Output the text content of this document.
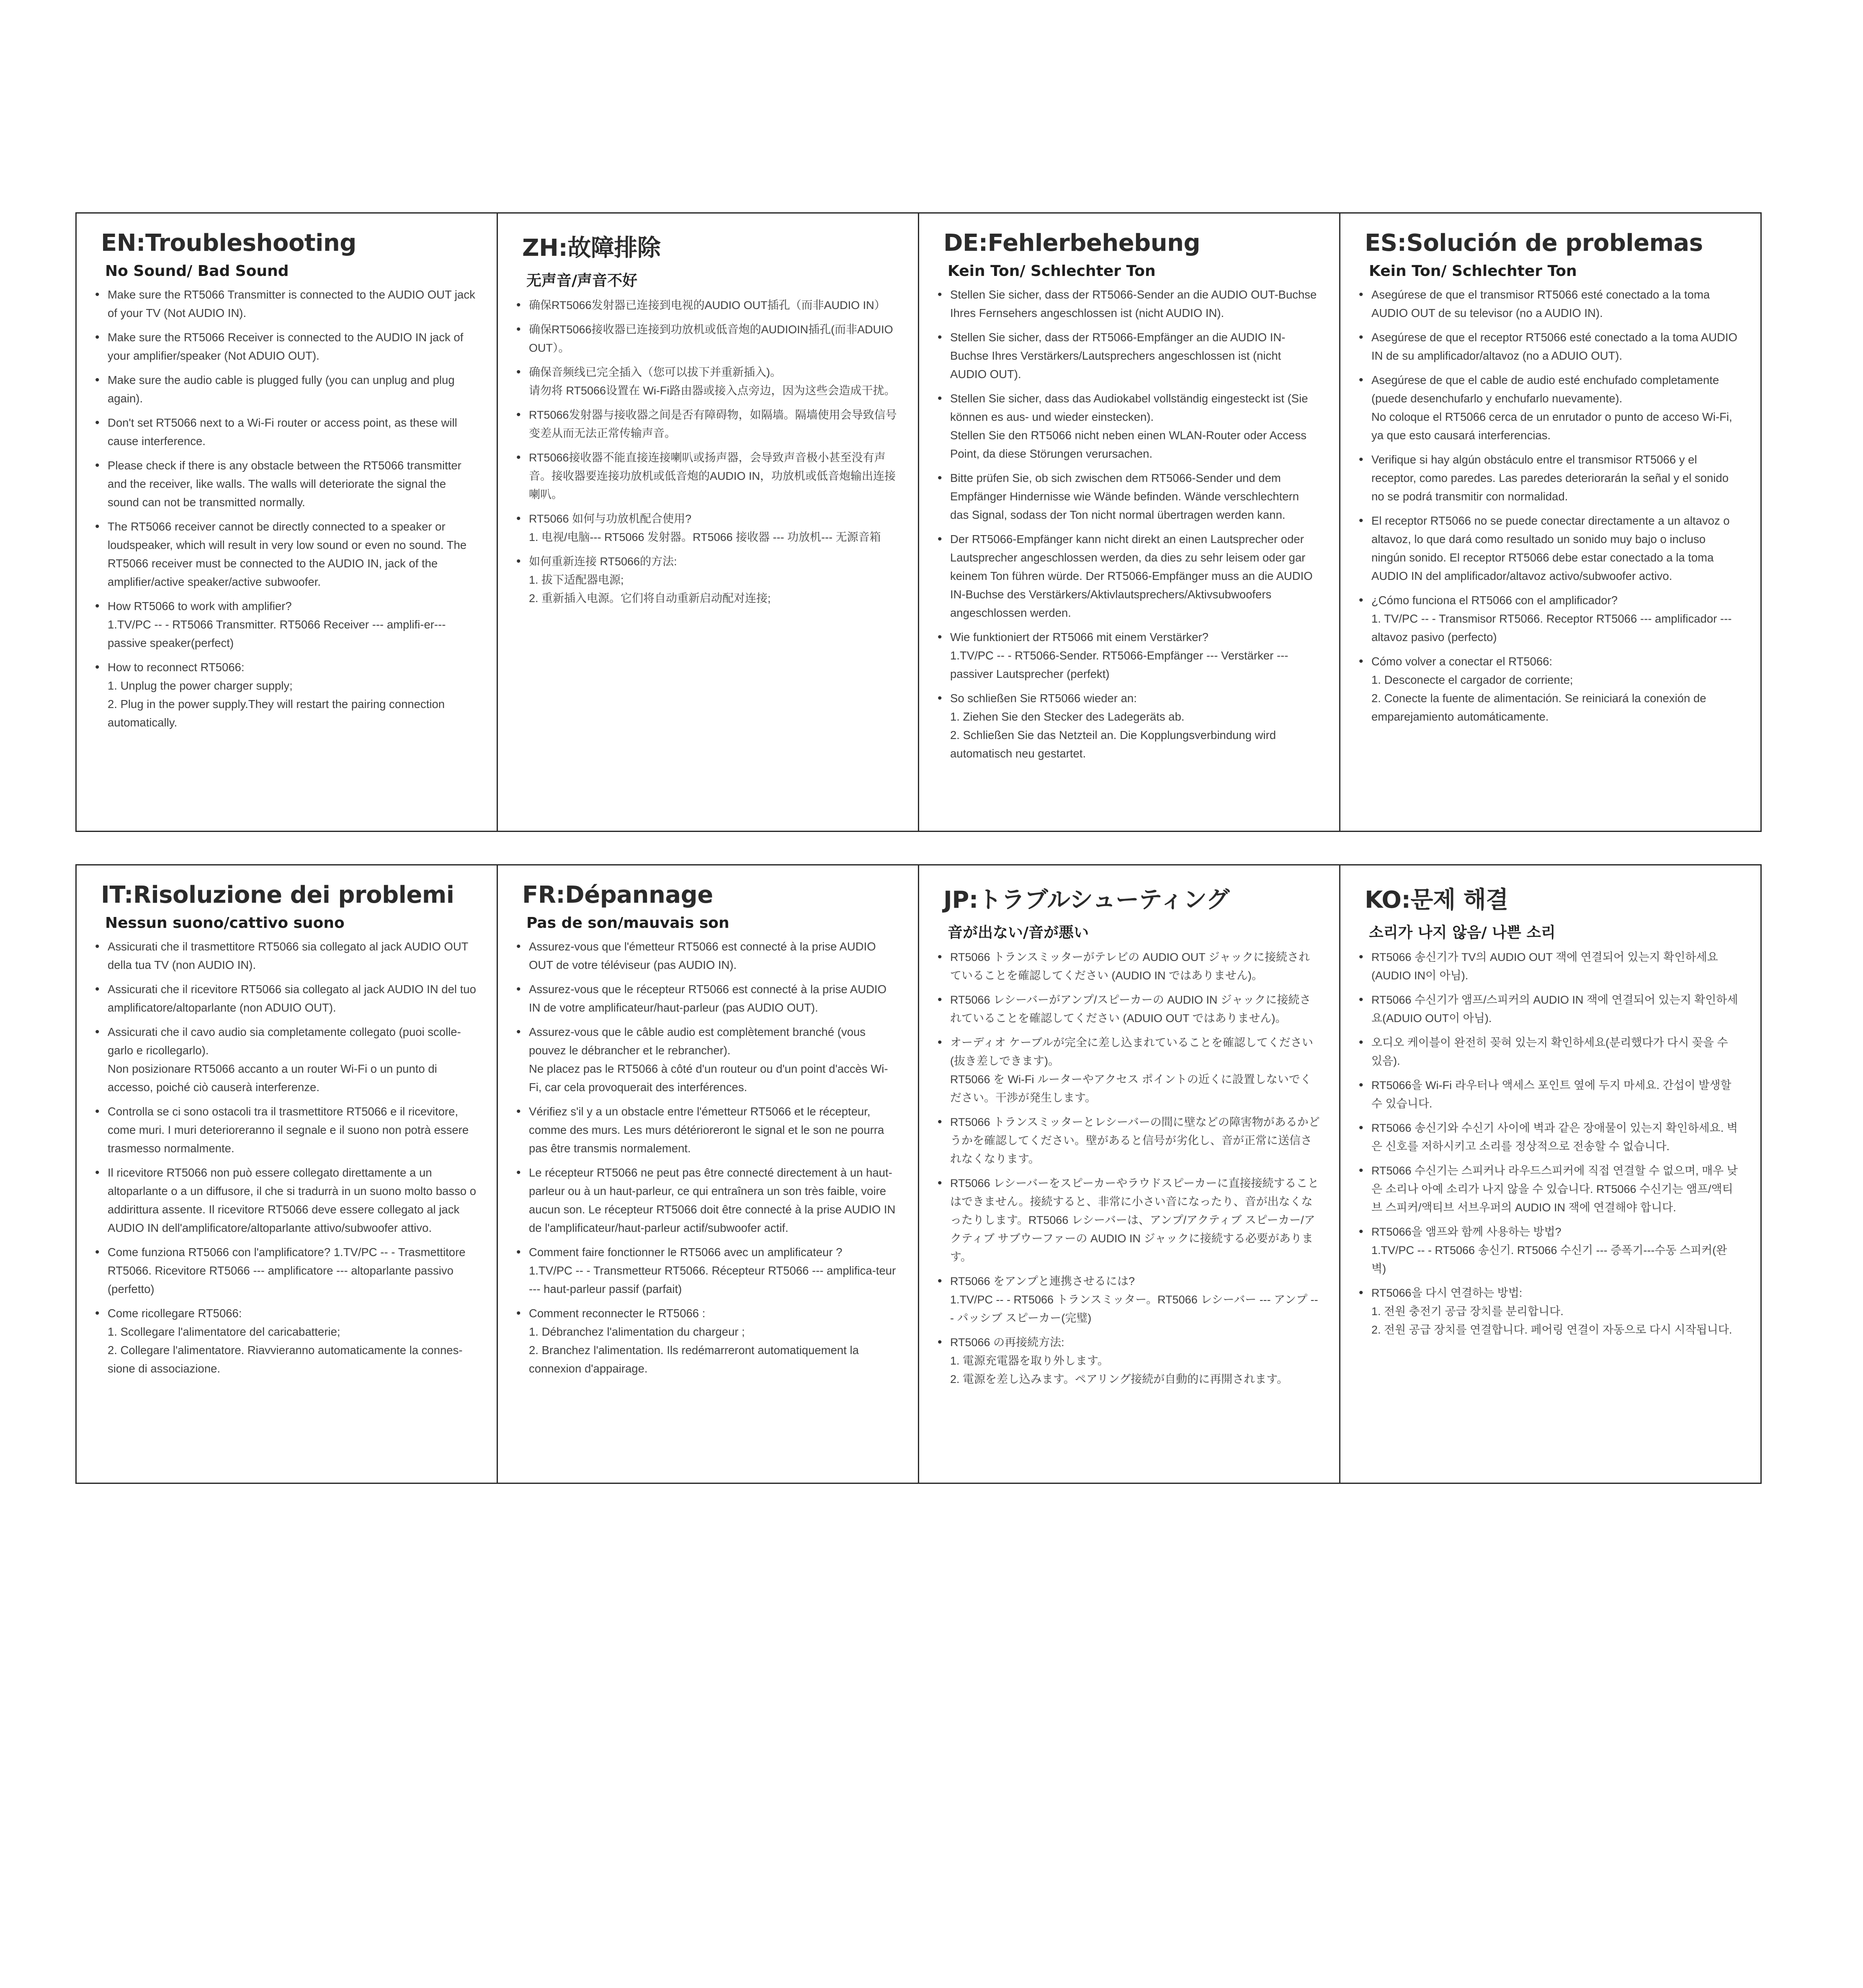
EN:Troubleshooting
No Sound/ Bad Sound
• Make sure the RT5066 Transmitter is connected to the AUDIO OUT jack of your TV (Not AUDIO IN).
• Make sure the RT5066 Receiver is connected to the AUDIO IN jack of your amplifier/speaker (Not ADUIO OUT).
• Make sure the audio cable is plugged fully (you can unplug and plug again).
• Don't set RT5066 next to a Wi-Fi router or access point, as these will cause interference.
• Please check if there is any obstacle between the RT5066 transmitter and the receiver, like walls. The walls will deteriorate the signal the sound can not be transmitted normally.
• The RT5066 receiver cannot be directly connected to a speaker or loudspeaker, which will result in very low sound or even no sound. The RT5066 receiver must be connected to the AUDIO IN, jack of the amplifier/active speaker/active subwoofer.
• How RT5066 to work with amplifier?
1.TV/PC -- - RT5066 Transmitter. RT5066 Receiver --- amplifi-er---passive speaker(perfect)
• How to reconnect RT5066:
1. Unplug the power charger supply;
2. Plug in the power supply.They will restart the pairing connection automatically.
ZH:故障排除
无声音/声音不好
• 确保RT5066发射器已连接到电视的AUDIO OUT插孔（而非AUDIO IN）
• 确保RT5066接收器已连接到功放机或低音炮的AUDIOIN插孔(而非ADUIO OUT）。
• 确保音频线已完全插入（您可以拔下并重新插入)。
请勿将 RT5066设置在 Wi-Fi路由器或接入点旁边，因为这些会造成干扰。
• RT5066发射器与接收器之间是否有障碍物，如隔墙。隔墙使用会导致信号变差从而无法正常传输声音。
• RT5066接收器不能直接连接喇叭或扬声器，会导致声音极小甚至没有声音。接收器要连接功放机或低音炮的AUDIO IN，功放机或低音炮输出连接喇叭。
• RT5066 如何与功放机配合使用?
1. 电视/电脑--- RT5066 发射器。RT5066 接收器 --- 功放机--- 无源音箱
• 如何重新连接 RT5066的方法:
1. 拔下适配器电源;
2. 重新插入电源。它们将自动重新启动配对连接;
DE:Fehlerbehebung
Kein Ton/ Schlechter Ton
• Stellen Sie sicher, dass der RT5066-Sender an die AUDIO OUT-Buchse Ihres Fernsehers angeschlossen ist (nicht AUDIO IN).
• Stellen Sie sicher, dass der RT5066-Empfänger an die AUDIO IN-Buchse Ihres Verstärkers/Lautsprechers angeschlossen ist (nicht AUDIO OUT).
• Stellen Sie sicher, dass das Audiokabel vollständig eingesteckt ist (Sie können es aus- und wieder einstecken).
Stellen Sie den RT5066 nicht neben einen WLAN-Router oder Access Point, da diese Störungen verursachen.
• Bitte prüfen Sie, ob sich zwischen dem RT5066-Sender und dem Empfänger Hindernisse wie Wände befinden. Wände verschlechtern das Signal, sodass der Ton nicht normal übertragen werden kann.
• Der RT5066-Empfänger kann nicht direkt an einen Lautsprecher oder Lautsprecher angeschlossen werden, da dies zu sehr leisem oder gar keinem Ton führen würde. Der RT5066-Empfänger muss an die AUDIO IN-Buchse des Verstärkers/Aktivlautsprechers/Aktivsubwoofers angeschlossen werden.
• Wie funktioniert der RT5066 mit einem Verstärker?
1.TV/PC -- - RT5066-Sender. RT5066-Empfänger --- Verstärker --- passiver Lautsprecher (perfekt)
• So schließen Sie RT5066 wieder an:
1. Ziehen Sie den Stecker des Ladegeräts ab.
2. Schließen Sie das Netzteil an. Die Kopplungsverbindung wird automatisch neu gestartet.
ES:Solución de problemas
Kein Ton/ Schlechter Ton
• Asegúrese de que el transmisor RT5066 esté conectado a la toma AUDIO OUT de su televisor (no a AUDIO IN).
• Asegúrese de que el receptor RT5066 esté conectado a la toma AUDIO IN de su amplificador/altavoz (no a ADUIO OUT).
• Asegúrese de que el cable de audio esté enchufado completamente (puede desenchufarlo y enchufarlo nuevamente).
No coloque el RT5066 cerca de un enrutador o punto de acceso Wi-Fi, ya que esto causará interferencias.
• Verifique si hay algún obstáculo entre el transmisor RT5066 y el receptor, como paredes. Las paredes deteriorarán la señal y el sonido no se podrá transmitir con normalidad.
• El receptor RT5066 no se puede conectar directamente a un altavoz o altavoz, lo que dará como resultado un sonido muy bajo o incluso ningún sonido. El receptor RT5066 debe estar conectado a la toma AUDIO IN del amplificador/altavoz activo/subwoofer activo.
• ¿Cómo funciona el RT5066 con el amplificador?
1. TV/PC -- - Transmisor RT5066. Receptor RT5066 --- amplificador --- altavoz pasivo (perfecto)
• Cómo volver a conectar el RT5066:
1. Desconecte el cargador de corriente;
2. Conecte la fuente de alimentación. Se reiniciará la conexión de emparejamiento automáticamente.
IT:Risoluzione dei problemi
Nessun suono/cattivo suono
• Assicurati che il trasmettitore RT5066 sia collegato al jack AUDIO OUT della tua TV (non AUDIO IN).
• Assicurati che il ricevitore RT5066 sia collegato al jack AUDIO IN del tuo amplificatore/altoparlante (non ADUIO OUT).
• Assicurati che il cavo audio sia completamente collegato (puoi scolle-garlo e ricollegarlo).
Non posizionare RT5066 accanto a un router Wi-Fi o un punto di accesso, poiché ciò causerà interferenze.
• Controlla se ci sono ostacoli tra il trasmettitore RT5066 e il ricevitore, come muri. I muri deterioreranno il segnale e il suono non potrà essere trasmesso normalmente.
• Il ricevitore RT5066 non può essere collegato direttamente a un altoparlante o a un diffusore, il che si tradurrà in un suono molto basso o addirittura assente. Il ricevitore RT5066 deve essere collegato al jack AUDIO IN dell'amplificatore/altoparlante attivo/subwoofer attivo.
• Come funziona RT5066 con l'amplificatore? 1.TV/PC -- - Trasmettitore RT5066. Ricevitore RT5066 --- amplificatore --- altoparlante passivo (perfetto)
• Come ricollegare RT5066:
1. Scollegare l'alimentatore del caricabatterie;
2. Collegare l'alimentatore. Riavvieranno automaticamente la connes-sione di associazione.
FR:Dépannage
Pas de son/mauvais son
• Assurez-vous que l'émetteur RT5066 est connecté à la prise AUDIO OUT de votre téléviseur (pas AUDIO IN).
• Assurez-vous que le récepteur RT5066 est connecté à la prise AUDIO IN de votre amplificateur/haut-parleur (pas AUDIO OUT).
• Assurez-vous que le câble audio est complètement branché (vous pouvez le débrancher et le rebrancher).
Ne placez pas le RT5066 à côté d'un routeur ou d'un point d'accès Wi-Fi, car cela provoquerait des interférences.
• Vérifiez s'il y a un obstacle entre l'émetteur RT5066 et le récepteur, comme des murs. Les murs détérioreront le signal et le son ne pourra pas être transmis normalement.
• Le récepteur RT5066 ne peut pas être connecté directement à un haut-parleur ou à un haut-parleur, ce qui entraînera un son très faible, voire aucun son. Le récepteur RT5066 doit être connecté à la prise AUDIO IN de l'amplificateur/haut-parleur actif/subwoofer actif.
• Comment faire fonctionner le RT5066 avec un amplificateur ?
1.TV/PC -- - Transmetteur RT5066. Récepteur RT5066 --- amplifica-teur --- haut-parleur passif (parfait)
• Comment reconnecter le RT5066 :
1. Débranchez l'alimentation du chargeur ;
2. Branchez l'alimentation. Ils redémarreront automatiquement la connexion d'appairage.
JP:トラブルシューティング
音が出ない/音が悪い
• RT5066 トランスミッターがテレビの AUDIO OUT ジャックに接続されていることを確認してください (AUDIO IN ではありません)。
• RT5066 レシーバーがアンプ/スピーカーの AUDIO IN ジャックに接続されていることを確認してください (ADUIO OUT ではありません)。
• オーディオ ケーブルが完全に差し込まれていることを確認してください (抜き差しできます)。
RT5066 を Wi-Fi ルーターやアクセス ポイントの近くに設置しないでください。干渉が発生します。
• RT5066 トランスミッターとレシーバーの間に壁などの障害物があるかどうかを確認してください。壁があると信号が劣化し、音が正常に送信されなくなります。
• RT5066 レシーバーをスピーカーやラウドスピーカーに直接接続することはできません。接続すると、非常に小さい音になったり、音が出なくなったりします。RT5066 レシーバーは、アンプ/アクティブ スピーカー/アクティブ サブウーファーの AUDIO IN ジャックに接続する必要があります。
• RT5066 をアンプと連携させるには?
1.TV/PC -- - RT5066 トランスミッター。RT5066 レシーバー --- アンプ --- パッシブ スピーカー(完璧)
• RT5066 の再接続方法:
1. 電源充電器を取り外します。
2. 電源を差し込みます。ペアリング接続が自動的に再開されます。
KO:문제 해결
소리가 나지 않음/ 나쁜 소리
• RT5066 송신기가 TV의 AUDIO OUT 잭에 연결되어 있는지 확인하세요(AUDIO IN이 아님).
• RT5066 수신기가 앰프/스피커의 AUDIO IN 잭에 연결되어 있는지 확인하세요(ADUIO OUT이 아님).
• 오디오 케이블이 완전히 꽂혀 있는지 확인하세요(분리했다가 다시 꽂을 수 있음).
• RT5066을 Wi-Fi 라우터나 액세스 포인트 옆에 두지 마세요. 간섭이 발생할 수 있습니다.
• RT5066 송신기와 수신기 사이에 벽과 같은 장애물이 있는지 확인하세요. 벽은 신호를 저하시키고 소리를 정상적으로 전송할 수 없습니다.
• RT5066 수신기는 스피커나 라우드스피커에 직접 연결할 수 없으며, 매우 낮은 소리나 아예 소리가 나지 않을 수 있습니다. RT5066 수신기는 앰프/액티브 스피커/액티브 서브우퍼의 AUDIO IN 잭에 연결해야 합니다.
• RT5066을 앰프와 함께 사용하는 방법?
1.TV/PC -- - RT5066 송신기. RT5066 수신기 --- 증폭기---수동 스피커(완벽)
• RT5066을 다시 연결하는 방법:
1. 전원 충전기 공급 장치를 분리합니다.
2. 전원 공급 장치를 연결합니다. 페어링 연결이 자동으로 다시 시작됩니다.
